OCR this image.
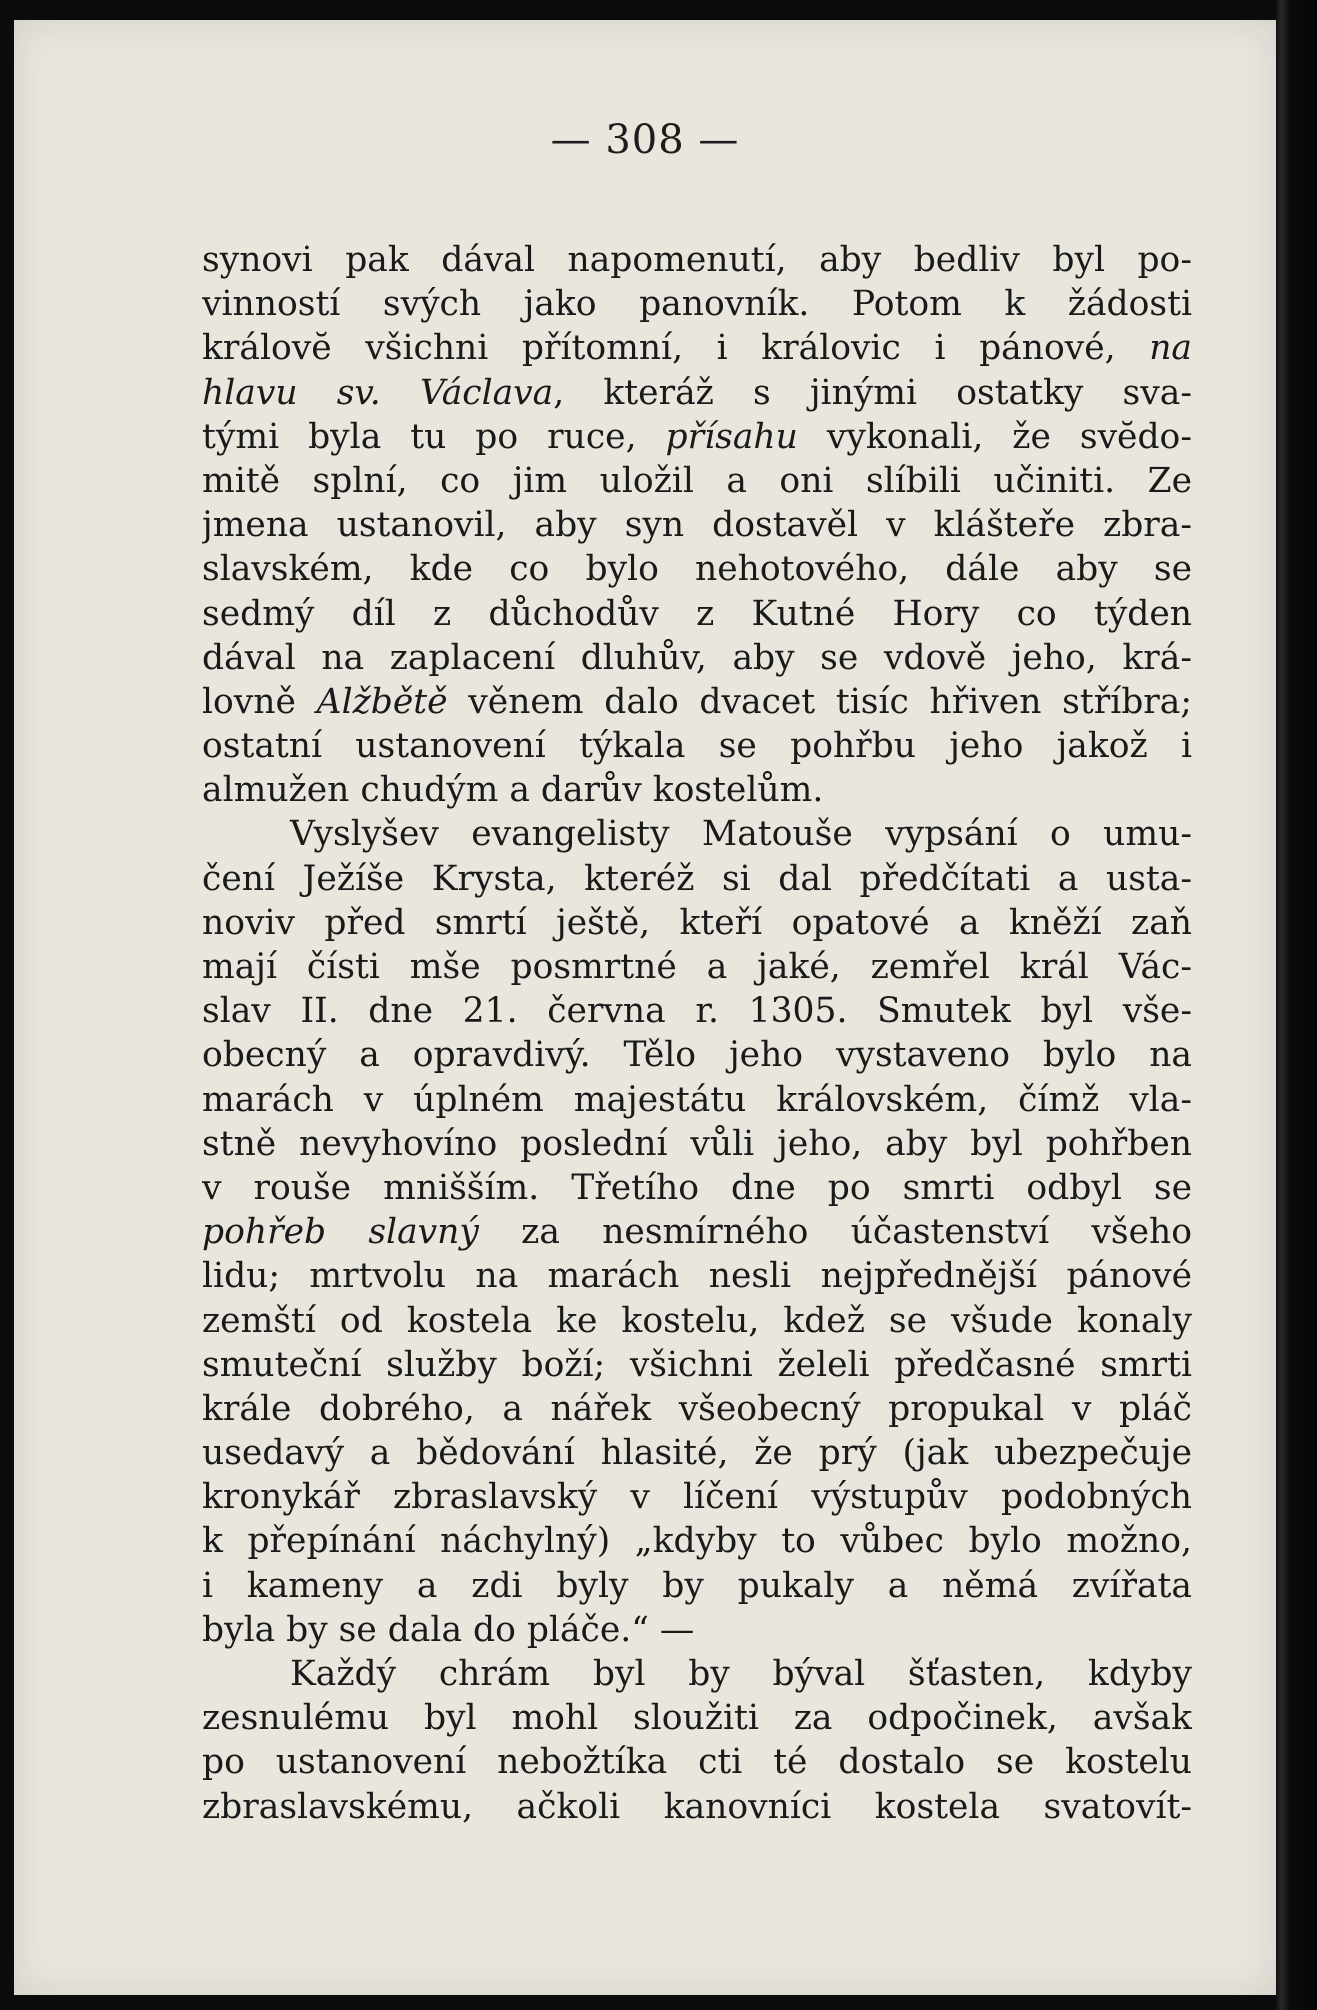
— 308 —
synovi pak dával napomenutí, aby bedliv byl po-
vinností svých jako panovník. Potom k žádosti
královĕ všichni přítomní, i královic i pánové, na
hlavu sv. Václava, kteráž s jinými ostatky sva-
tými byla tu po ruce, přísahu vykonali, že svĕdo-
mitě splní, co jim uložil a oni slíbili učiniti. Ze
jmena ustanovil, aby syn dostavěl v klášteře zbra-
slavském, kde co bylo nehotového, dále aby se
sedmý díl z důchodův z Kutné Hory co týden
dával na zaplacení dluhův, aby se vdově jeho, krá-
lovně Alžbětě věnem dalo dvacet tisíc hřiven stříbra;
ostatní ustanovení týkala se pohřbu jeho jakož i
almužen chudým a darův kostelům.
Vyslyšev evangelisty Matouše vypsání o umu-
čení Ježíše Krysta, kteréž si dal předčítati a usta-
noviv před smrtí ještě, kteří opatové a kněží zaň
mají čísti mše posmrtné a jaké, zemřel král Vác-
slav II. dne 21. června r. 1305. Smutek byl vše-
obecný a opravdivý. Tělo jeho vystaveno bylo na
marách v úplném majestátu královském, čímž vla-
stně nevyhovíno poslední vůli jeho, aby byl pohřben
v rouše mnišším. Třetího dne po smrti odbyl se
pohřeb slavný za nesmírného účastenství všeho
lidu; mrtvolu na marách nesli nejpřednější pánové
zemští od kostela ke kostelu, kdež se všude konaly
smuteční služby boží; všichni želeli předčasné smrti
krále dobrého, a nářek všeobecný propukal v pláč
usedavý a bědování hlasité, že prý (jak ubezpečuje
kronykář zbraslavský v líčení výstupův podobných
k přepínání náchylný) „kdyby to vůbec bylo možno,
i kameny a zdi byly by pukaly a němá zvířata
byla by se dala do pláče.“ —
Každý chrám byl by býval šťasten, kdyby
zesnulému byl mohl sloužiti za odpočinek, avšak
po ustanovení nebožtíka cti té dostalo se kostelu
zbraslavskému, ačkoli kanovníci kostela svatovít-
